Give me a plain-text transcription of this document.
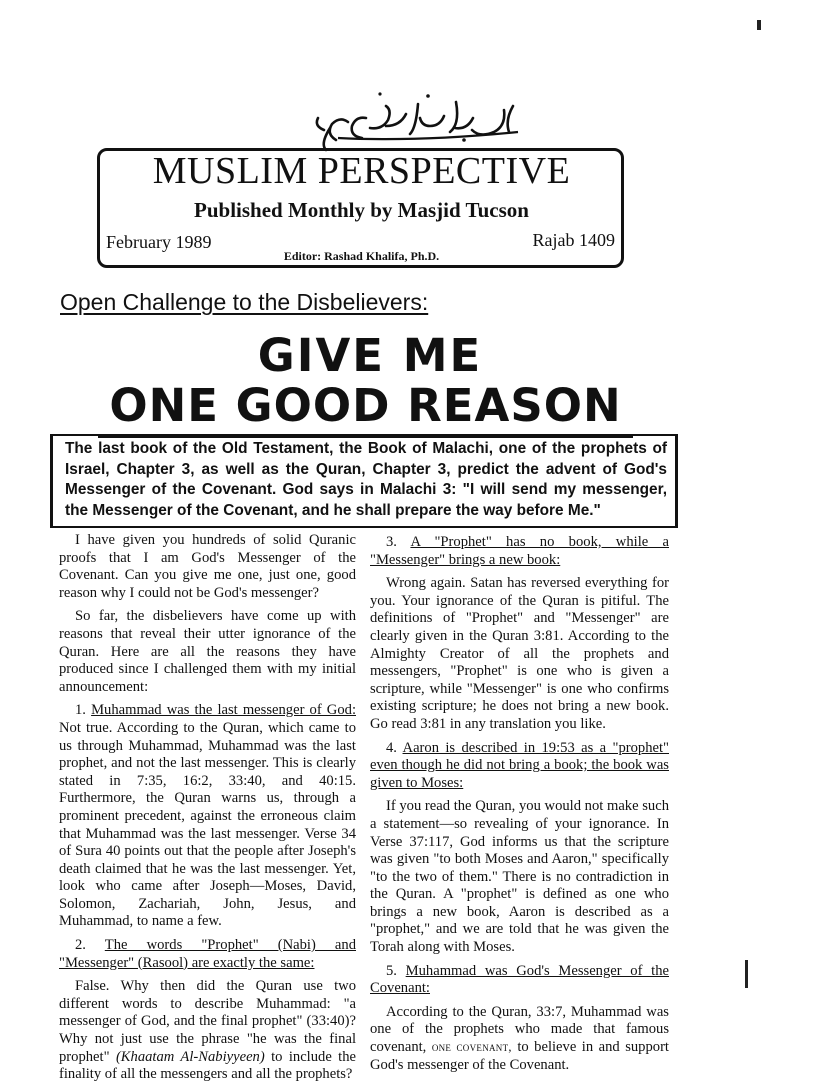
MUSLIM PERSPECTIVE
Published Monthly by Masjid Tucson
February 1989	Rajab 1409
Editor: Rashad Khalifa, Ph.D.
Open Challenge to the Disbelievers:
GIVE ME
ONE GOOD REASON
The last book of the Old Testament, the Book of Malachi, one of the prophets of Israel, Chapter 3, as well as the Quran, Chapter 3, predict the advent of God's Messenger of the Covenant. God says in Malachi 3: "I will send my messenger, the Messenger of the Covenant, and he shall prepare the way before Me."

I have given you hundreds of solid Quranic proofs that I am God's Messenger of the Covenant. Can you give me one, just one, good reason why I could not be God's messenger?

So far, the disbelievers have come up with reasons that reveal their utter ignorance of the Quran. Here are all the reasons they have produced since I challenged them with my initial announcement:

1. Muhammad was the last messenger of God: Not true. According to the Quran, which came to us through Muhammad, Muhammad was the last prophet, and not the last messenger. This is clearly stated in 7:35, 16:2, 33:40, and 40:15. Furthermore, the Quran warns us, through a prominent precedent, against the erroneous claim that Muhammad was the last messenger. Verse 34 of Sura 40 points out that the people after Joseph's death claimed that he was the last messenger. Yet, look who came after Joseph—Moses, David, Solomon, Zachariah, John, Jesus, and Muhammad, to name a few.

2. The words "Prophet" (Nabi) and "Messenger" (Rasool) are exactly the same:

False. Why then did the Quran use two different words to describe Muhammad: "a messenger of God, and the final prophet" (33:40)? Why not just use the phrase "he was the final prophet" (Khaatam Al-Nabiyyeen) to include the finality of all the messengers and all the prophets?

3. A "Prophet" has no book, while a "Messenger" brings a new book:

Wrong again. Satan has reversed everything for you. Your ignorance of the Quran is pitiful. The definitions of "Prophet" and "Messenger" are clearly given in the Quran 3:81. According to the Almighty Creator of all the prophets and messengers, "Prophet" is one who is given a scripture, while "Messenger" is one who confirms existing scripture; he does not bring a new book. Go read 3:81 in any translation you like.

4. Aaron is described in 19:53 as a "prophet" even though he did not bring a book; the book was given to Moses:

If you read the Quran, you would not make such a statement—so revealing of your ignorance. In Verse 37:117, God informs us that the scripture was given "to both Moses and Aaron," specifically "to the two of them." There is no contradiction in the Quran. A "prophet" is defined as one who brings a new book, Aaron is described as a "prophet," and we are told that he was given the Torah along with Moses.

5. Muhammad was God's Messenger of the Covenant:

According to the Quran, 33:7, Muhammad was one of the prophets who made that famous covenant, one covenant, to believe in and support God's messenger of the Covenant.
